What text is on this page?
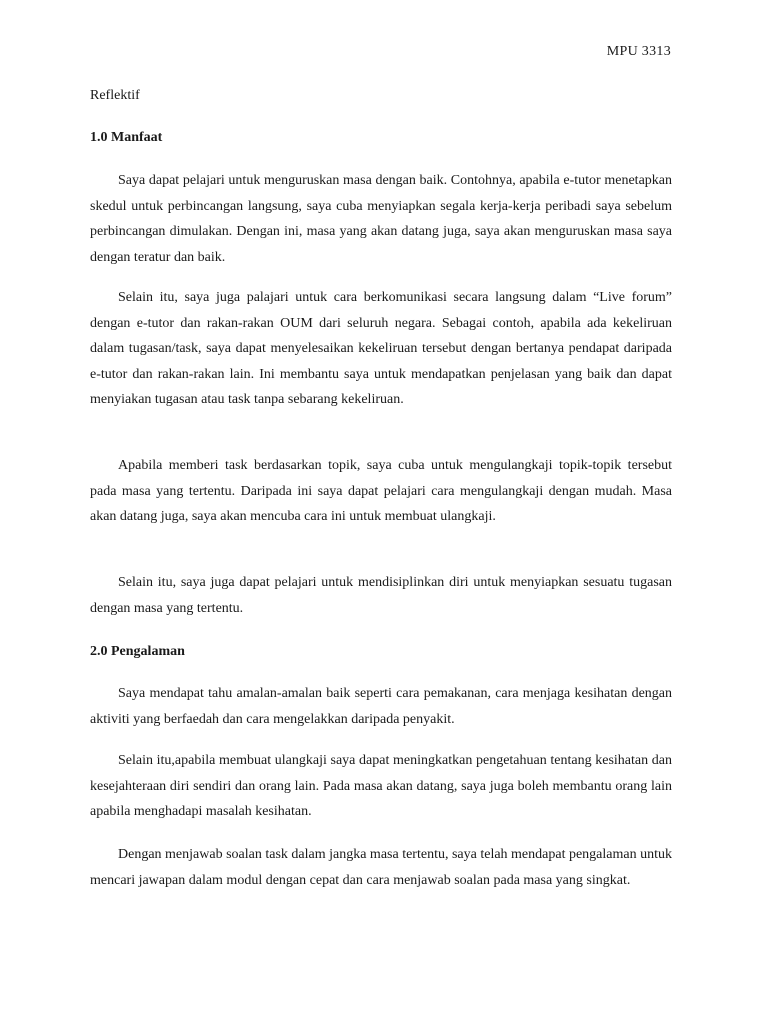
MPU 3313
Reflektif

1.0 Manfaat

Saya dapat pelajari untuk menguruskan masa dengan baik. Contohnya, apabila e-tutor menetapkan skedul untuk perbincangan langsung, saya cuba menyiapkan segala kerja-kerja peribadi saya sebelum perbincangan dimulakan. Dengan ini, masa yang akan datang juga, saya akan menguruskan masa saya dengan teratur dan baik.

Selain itu, saya juga palajari untuk cara berkomunikasi secara langsung dalam “Live forum” dengan e-tutor dan rakan-rakan OUM dari seluruh negara. Sebagai contoh, apabila ada kekeliruan dalam tugasan/task, saya dapat menyelesaikan kekeliruan tersebut dengan bertanya pendapat daripada e-tutor dan rakan-rakan lain. Ini membantu saya untuk mendapatkan penjelasan yang baik dan dapat menyiakan tugasan atau task tanpa sebarang kekeliruan.

Apabila memberi task berdasarkan topik, saya cuba untuk mengulangkaji topik-topik tersebut pada masa yang tertentu. Daripada ini saya dapat pelajari cara mengulangkaji dengan mudah. Masa akan datang juga, saya akan mencuba cara ini untuk membuat ulangkaji.

Selain itu, saya juga dapat pelajari untuk mendisiplinkan diri untuk menyiapkan sesuatu tugasan dengan masa yang tertentu.

2.0 Pengalaman

Saya mendapat tahu amalan-amalan baik seperti cara pemakanan, cara menjaga kesihatan dengan aktiviti yang berfaedah dan cara mengelakkan daripada penyakit.

Selain itu,apabila membuat ulangkaji saya dapat meningkatkan pengetahuan tentang kesihatan dan kesejahteraan diri sendiri dan orang lain. Pada masa akan datang, saya juga boleh membantu orang lain apabila menghadapi masalah kesihatan.

Dengan menjawab soalan task dalam jangka masa tertentu, saya telah mendapat pengalaman untuk mencari jawapan dalam modul dengan cepat dan cara menjawab soalan pada masa yang singkat.
